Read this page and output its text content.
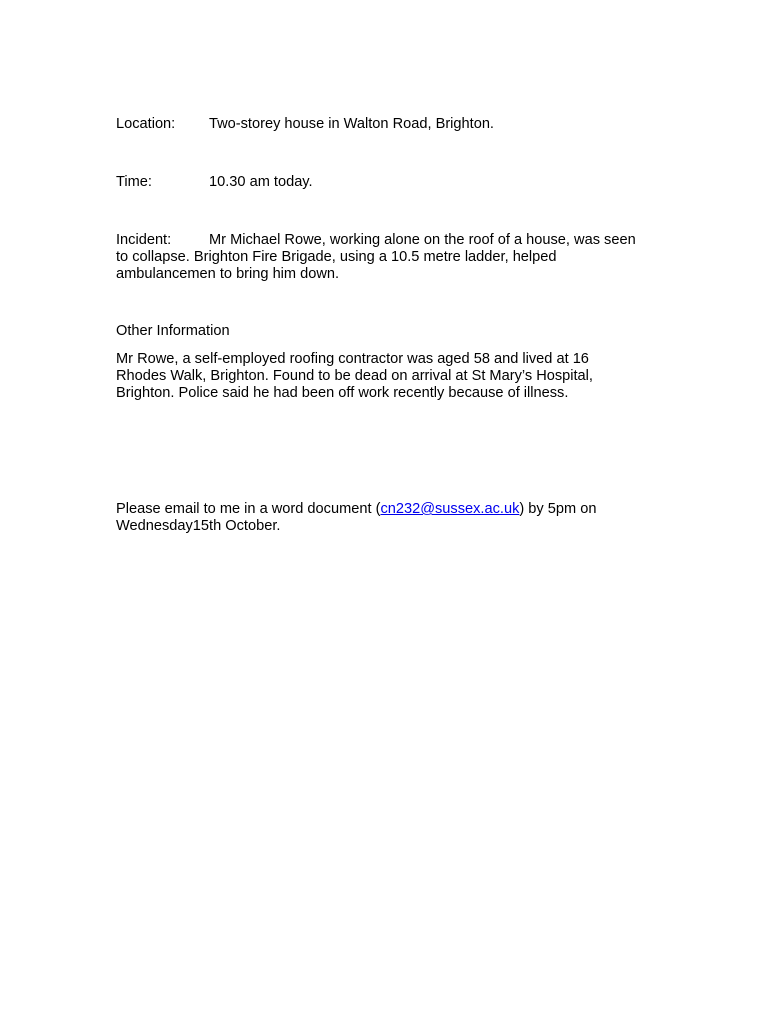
Location: Two-storey house in Walton Road, Brighton.

Time:	10.30 am today.

Incident:	Mr Michael Rowe, working alone on the roof of a house, was seen to collapse. Brighton Fire Brigade, using a 10.5 metre ladder, helped ambulancemen to bring him down.

Other Information

Mr Rowe, a self-employed roofing contractor was aged 58 and lived at 16 Rhodes Walk, Brighton. Found to be dead on arrival at St Mary’s Hospital, Brighton. Police said he had been off work recently because of illness.

Please email to me in a word document (cn232@sussex.ac.uk) by 5pm on Wednesday15th October.
